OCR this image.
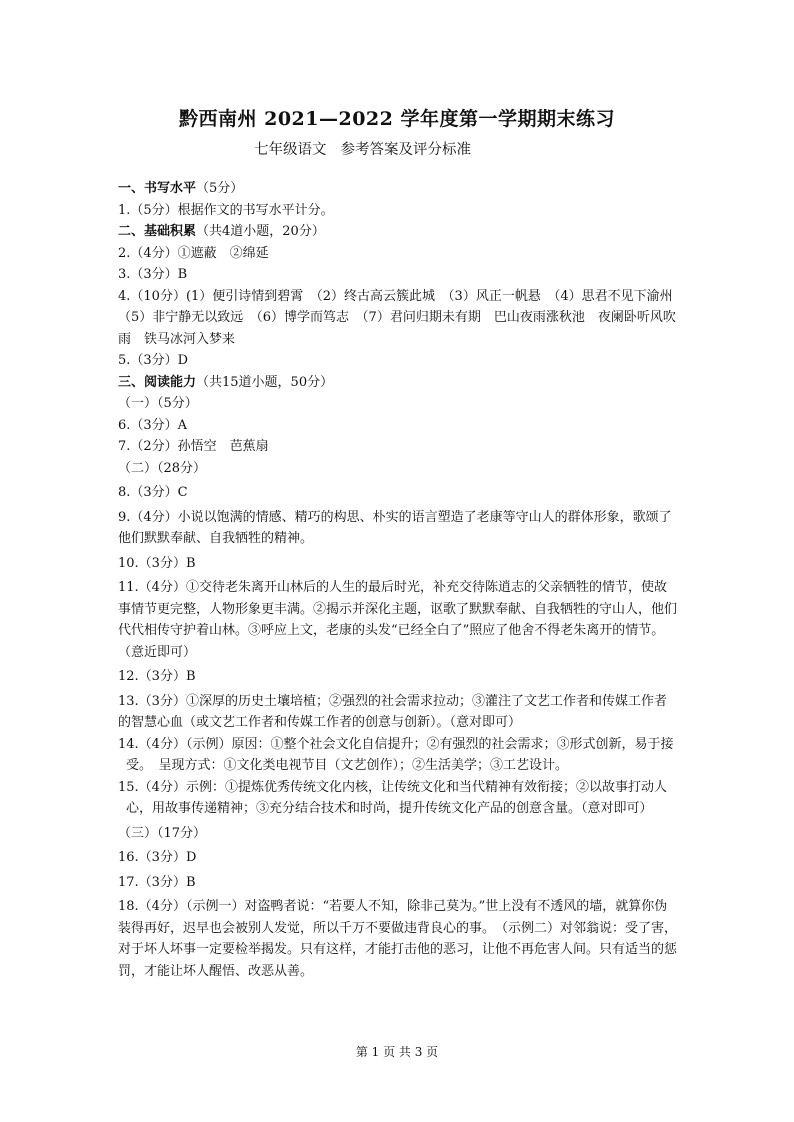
黔西南州 2021—2022 学年度第一学期期末练习
七年级语文 参考答案及评分标准
一、书写水平（5分）
1.（5分）根据作文的书写水平计分。
二、基础积累（共4道小题，20分）
2.（4分）①遮蔽　②绵延
3.（3分）B
4.（10分）(1）便引诗情到碧霄　（2）终古高云簇此城　（3）风正一帆悬　（4）思君不见下渝州　（5）非宁静无以致远　（6）博学而笃志　（7）君问归期未有期　巴山夜雨涨秋池　夜阑卧听风吹雨　铁马冰河入梦来
5.（3分）D
三、阅读能力（共15道小题，50分）
（一）（5分）
6.（3分）A
7.（2分）孙悟空　芭蕉扇
（二）（28分）
8.（3分）C
9.（4分）小说以饱满的情感、精巧的构思、朴实的语言塑造了老康等守山人的群体形象，歌颂了他们默默奉献、自我牺牲的精神。
10.（3分）B
11.（4分）①交待老朱离开山林后的人生的最后时光，补充交待陈逍志的父亲牺牲的情节，使故事情节更完整，人物形象更丰满。②揭示并深化主题，讴歌了默默奉献、自我牺牲的守山人，他们代代相传守护着山林。③呼应上文，老康的头发“已经全白了”照应了他舍不得老朱离开的情节。（意近即可）
12.（3分）B
13.（3分）①深厚的历史土壤培植；②强烈的社会需求拉动；③灌注了文艺工作者和传媒工作者的智慧心血（或文艺工作者和传媒工作者的创意与创新）。（意对即可）
14.（4分）（示例）原因：①整个社会文化自信提升；②有强烈的社会需求；③形式创新，易于接受。　呈现方式：①文化类电视节目（文艺创作）；②生活美学；③工艺设计。
15.（4分）示例：①提炼优秀传统文化内核，让传统文化和当代精神有效衔接；②以故事打动人心，用故事传递精神；③充分结合技术和时尚，提升传统文化产品的创意含量。（意对即可）
（三）（17分）
16.（3分）D
17.（3分）B
18.（4分）（示例一）对盗鸭者说：“若要人不知，除非己莫为。”世上没有不透风的墙，就算你伪装得再好，迟早也会被别人发觉，所以千万不要做违背良心的事。　（示例二）对邻翁说：受了害，对于坏人坏事一定要检举揭发。只有这样，才能打击他的恶习，让他不再危害人间。只有适当的惩罚，才能让坏人醒悟、改恶从善。
第 1 页 共 3 页
